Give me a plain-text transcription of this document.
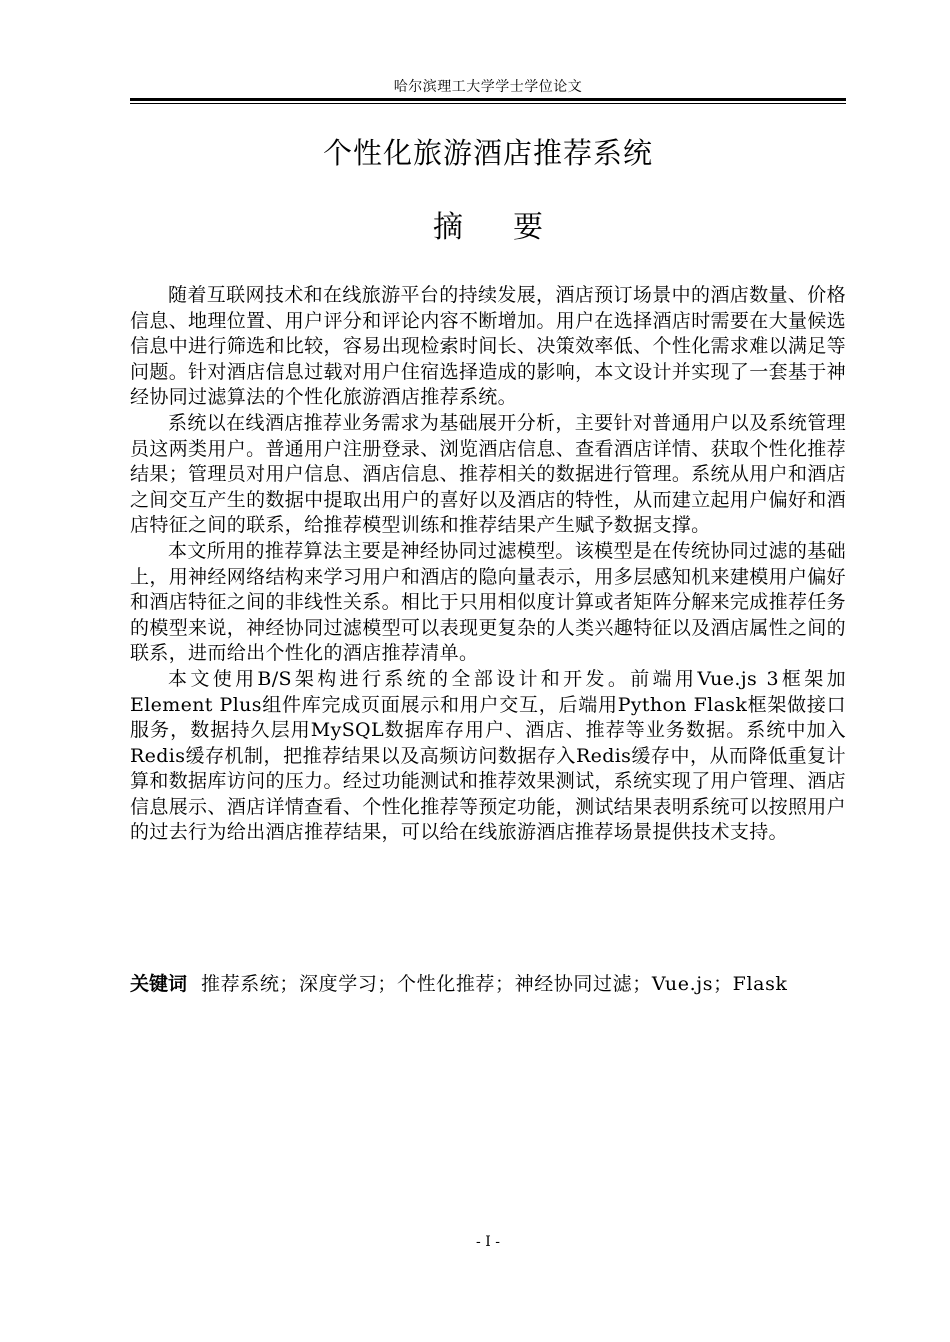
哈尔滨理工大学学士学位论文
个性化旅游酒店推荐系统
摘要

随着互联网技术和在线旅游平台的持续发展，酒店预订场景中的酒店数量、价格信息、地理位置、用户评分和评论内容不断增加。用户在选择酒店时需要在大量候选信息中进行筛选和比较，容易出现检索时间长、决策效率低、个性化需求难以满足等问题。针对酒店信息过载对用户住宿选择造成的影响，本文设计并实现了一套基于神经协同过滤算法的个性化旅游酒店推荐系统。

系统以在线酒店推荐业务需求为基础展开分析，主要针对普通用户以及系统管理员这两类用户。普通用户注册登录、浏览酒店信息、查看酒店详情、获取个性化推荐结果；管理员对用户信息、酒店信息、推荐相关的数据进行管理。系统从用户和酒店之间交互产生的数据中提取出用户的喜好以及酒店的特性，从而建立起用户偏好和酒店特征之间的联系，给推荐模型训练和推荐结果产生赋予数据支撑。

本文所用的推荐算法主要是神经协同过滤模型。该模型是在传统协同过滤的基础上，用神经网络结构来学习用户和酒店的隐向量表示，用多层感知机来建模用户偏好和酒店特征之间的非线性关系。相比于只用相似度计算或者矩阵分解来完成推荐任务的模型来说，神经协同过滤模型可以表现更复杂的人类兴趣特征以及酒店属性之间的联系，进而给出个性化的酒店推荐清单。

本文使用B/S架构进行系统的全部设计和开发。前端用Vue.js 3框架加Element Plus组件库完成页面展示和用户交互，后端用Python Flask框架做接口服务，数据持久层用MySQL数据库存用户、酒店、推荐等业务数据。系统中加入Redis缓存机制，把推荐结果以及高频访问数据存入Redis缓存中，从而降低重复计算和数据库访问的压力。经过功能测试和推荐效果测试，系统实现了用户管理、酒店信息展示、酒店详情查看、个性化推荐等预定功能，测试结果表明系统可以按照用户的过去行为给出酒店推荐结果，可以给在线旅游酒店推荐场景提供技术支持。

关键词 推荐系统；深度学习；个性化推荐；神经协同过滤；Vue.js；Flask
- I -
